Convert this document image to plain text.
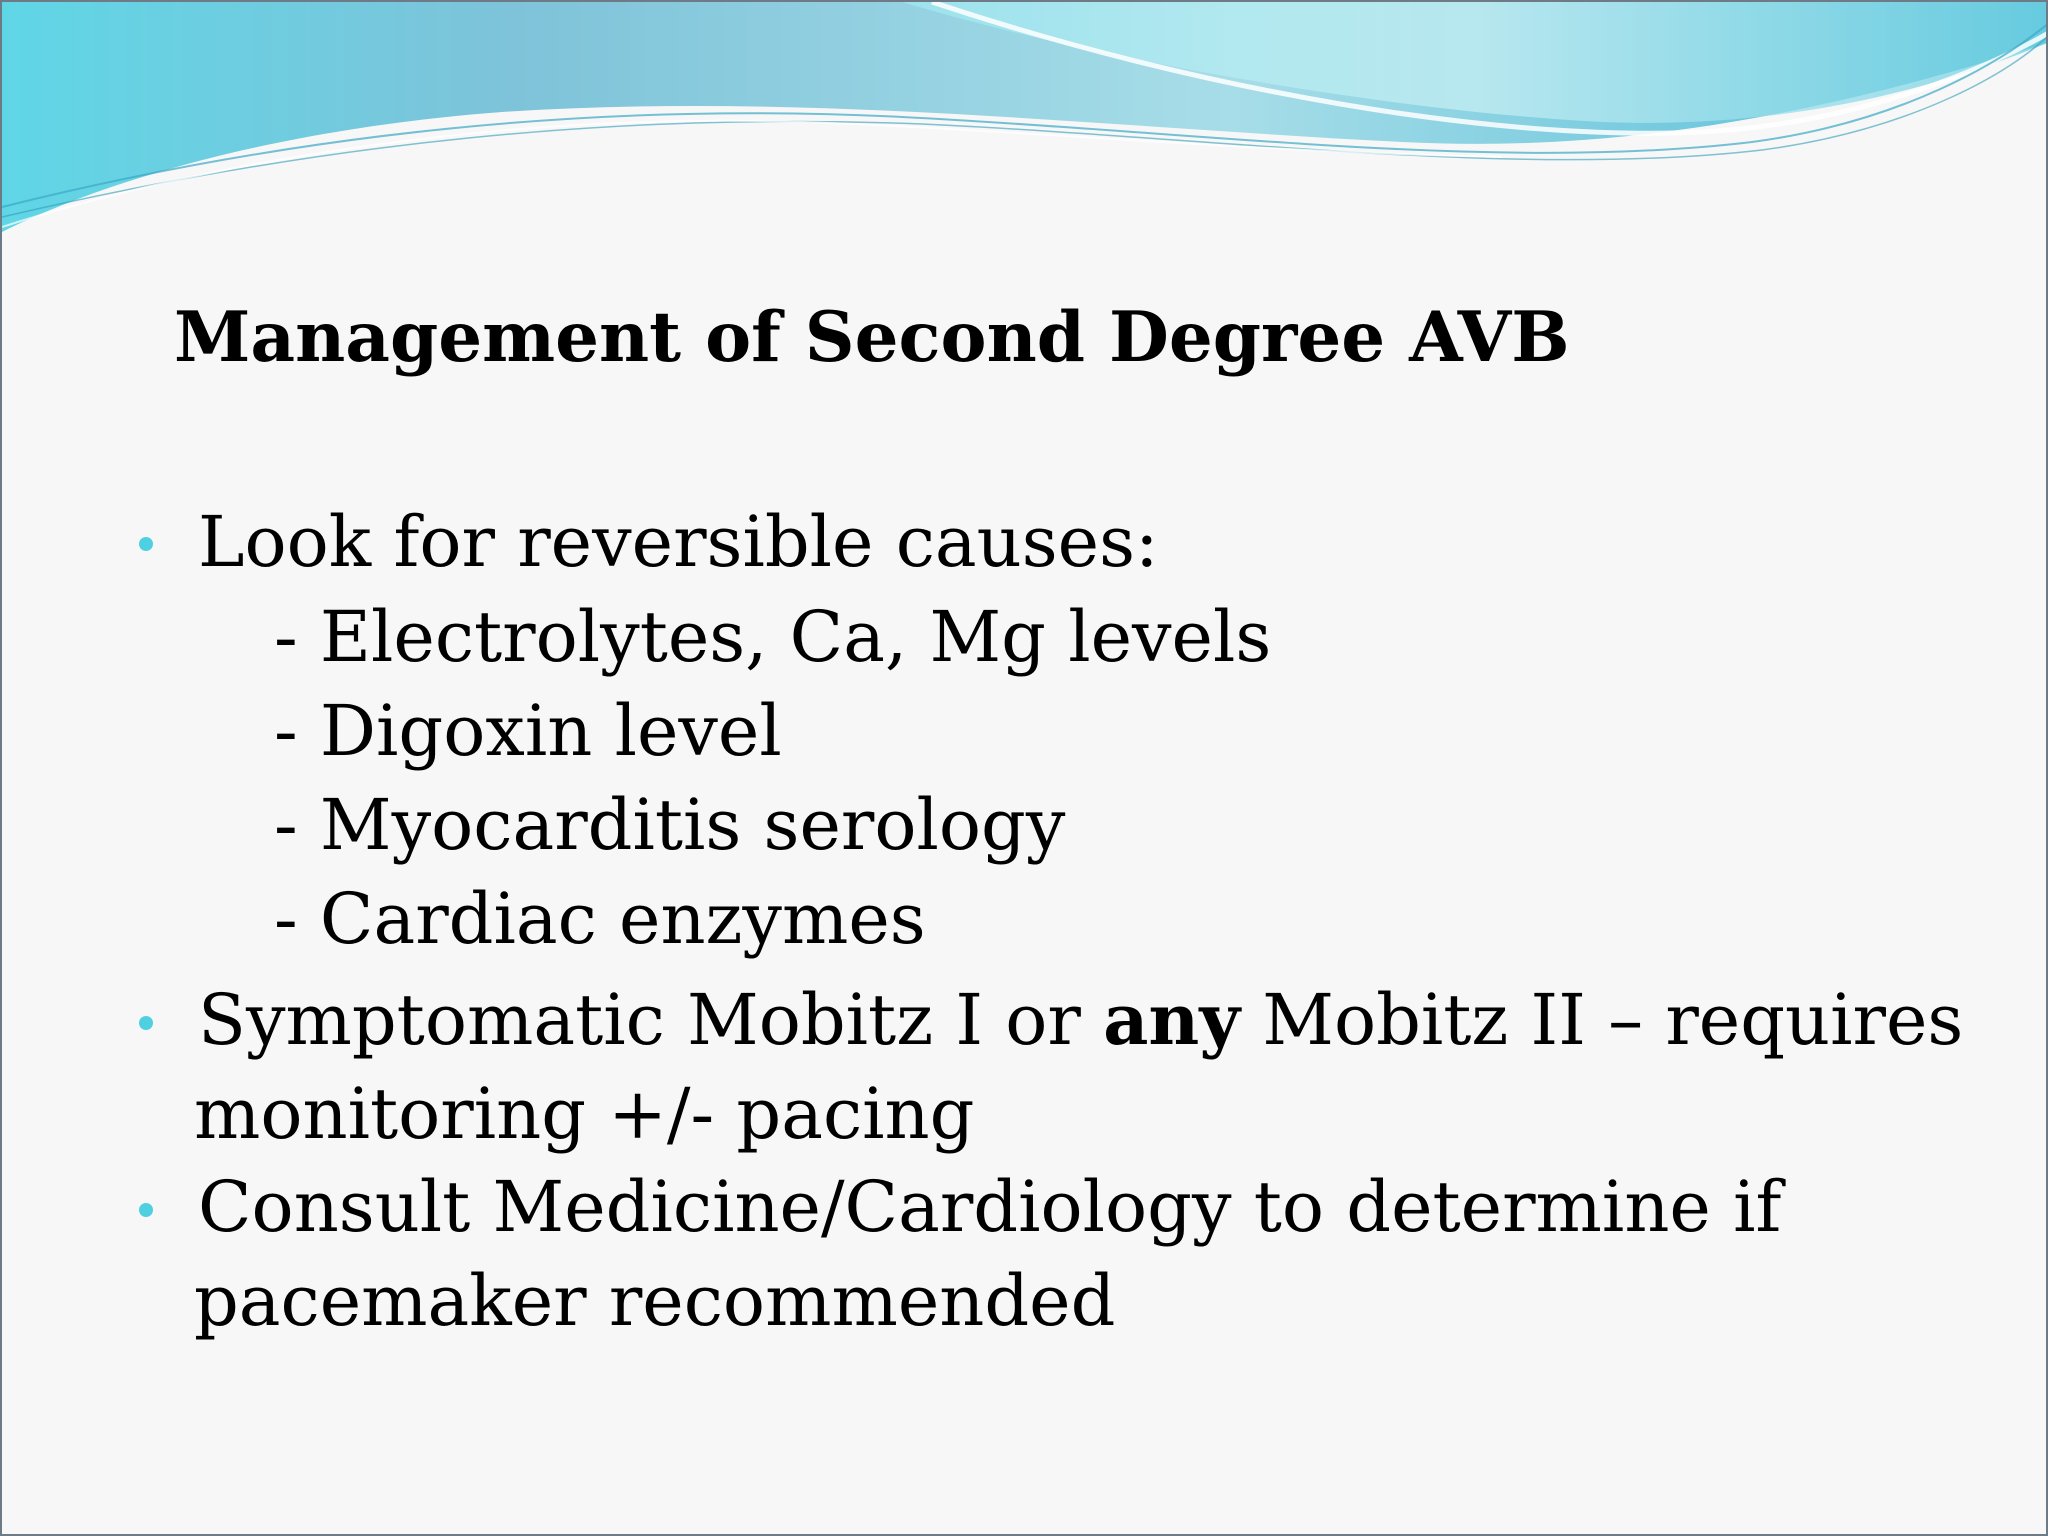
Management of Second Degree AVB
Look for reversible causes:
- Electrolytes, Ca, Mg levels
- Digoxin level
- Myocarditis serology
- Cardiac enzymes
Symptomatic Mobitz I or any Mobitz II – requires
monitoring +/- pacing
Consult Medicine/Cardiology to determine if
pacemaker recommended
